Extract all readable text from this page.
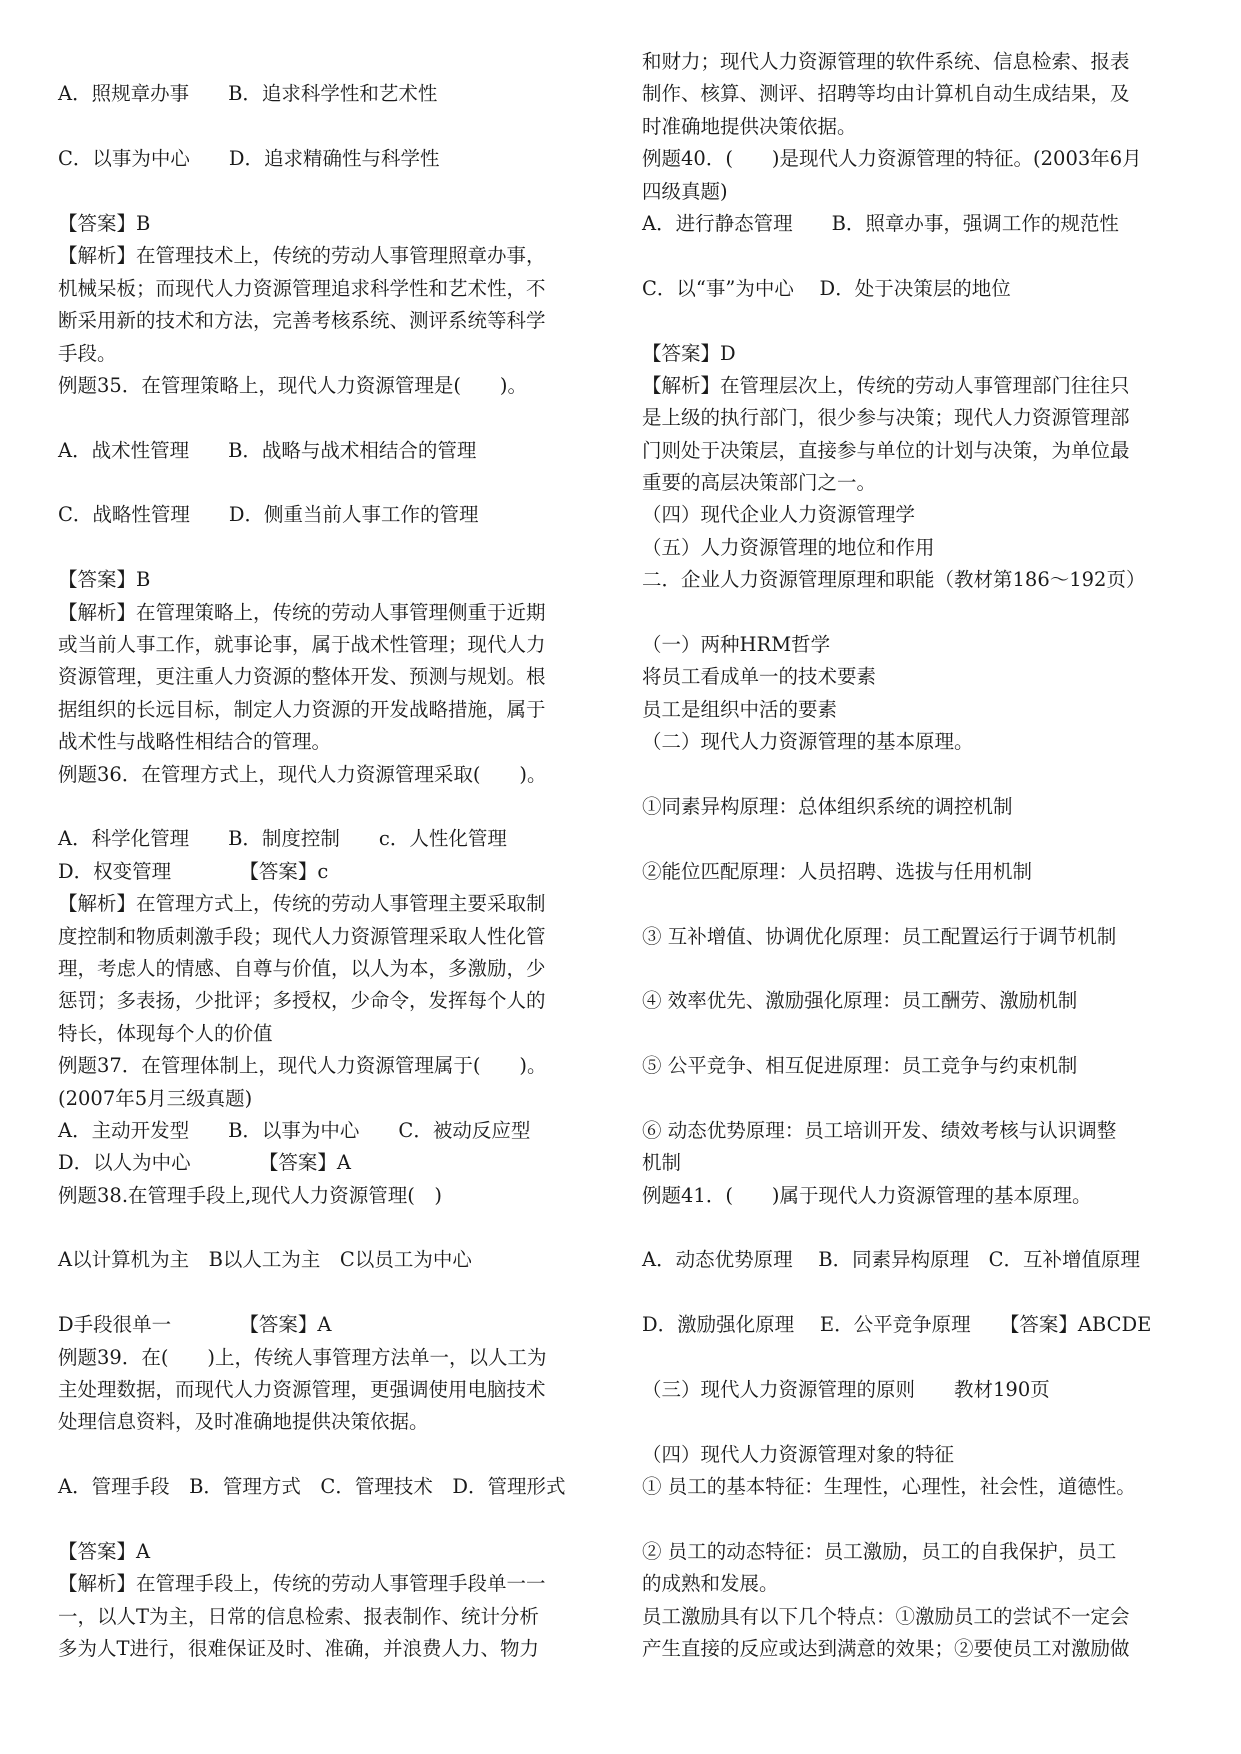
A．照规章办事　　B．追求科学性和艺术性
C．以事为中心　　D．追求精确性与科学性
【答案】B
【解析】在管理技术上，传统的劳动人事管理照章办事，
机械呆板；而现代人力资源管理追求科学性和艺术性，不
断采用新的技术和方法，完善考核系统、测评系统等科学
手段。
例题35．在管理策略上，现代人力资源管理是(　　)。
A．战术性管理　　B．战略与战术相结合的管理
C．战略性管理　　D．侧重当前人事工作的管理
【答案】B
【解析】在管理策略上，传统的劳动人事管理侧重于近期
或当前人事工作，就事论事，属于战术性管理；现代人力
资源管理，更注重人力资源的整体开发、预测与规划。根
据组织的长远目标，制定人力资源的开发战略措施，属于
战术性与战略性相结合的管理。
例题36．在管理方式上，现代人力资源管理采取(　　)。
A．科学化管理　　B．制度控制　　c．人性化管理
D．权变管理　　　　【答案】c
【解析】在管理方式上，传统的劳动人事管理主要采取制
度控制和物质刺激手段；现代人力资源管理采取人性化管
理，考虑人的情感、自尊与价值，以人为本，多激励，少
惩罚；多表扬，少批评；多授权，少命令，发挥每个人的
特长，体现每个人的价值
例题37．在管理体制上，现代人力资源管理属于(　　)。
(2007年5月三级真题)
A．主动开发型　　B．以事为中心　　C．被动反应型
D．以人为中心　　　　【答案】A
例题38.在管理手段上,现代人力资源管理(　)
A以计算机为主　B以人工为主　C以员工为中心
D手段很单一　　　　【答案】A
例题39．在(　　)上，传统人事管理方法单一，以人工为
主处理数据，而现代人力资源管理，更强调使用电脑技术
处理信息资料，及时准确地提供决策依据。
A．管理手段　B．管理方式　C．管理技术　D．管理形式
【答案】A
【解析】在管理手段上，传统的劳动人事管理手段单一一
一，以人T为主，日常的信息检索、报表制作、统计分析
多为人T进行，很难保证及时、准确，并浪费人力、物力
和财力；现代人力资源管理的软件系统、信息检索、报表
制作、核算、测评、招聘等均由计算机自动生成结果，及
时准确地提供决策依据。
例题40．(　　)是现代人力资源管理的特征。(2003年6月
四级真题)
A．进行静态管理　　B．照章办事，强调工作的规范性
C．以“事”为中心　 D．处于决策层的地位
【答案】D
【解析】在管理层次上，传统的劳动人事管理部门往往只
是上级的执行部门，很少参与决策；现代人力资源管理部
门则处于决策层，直接参与单位的计划与决策，为单位最
重要的高层决策部门之一。
（四）现代企业人力资源管理学
（五）人力资源管理的地位和作用
二．企业人力资源管理原理和职能（教材第186～192页）
（一）两种HRM哲学
将员工看成单一的技术要素
员工是组织中活的要素
（二）现代人力资源管理的基本原理。
①同素异构原理：总体组织系统的调控机制
②能位匹配原理：人员招聘、选拔与任用机制
③ 互补增值、协调优化原理：员工配置运行于调节机制
④ 效率优先、激励强化原理：员工酬劳、激励机制
⑤ 公平竞争、相互促进原理：员工竞争与约束机制
⑥ 动态优势原理：员工培训开发、绩效考核与认识调整
机制
例题41．(　　)属于现代人力资源管理的基本原理。
A．动态优势原理　 B．同素异构原理　C．互补增值原理
D．激励强化原理　 E．公平竞争原理　　【答案】ABCDE
（三）现代人力资源管理的原则　　教材190页
（四）现代人力资源管理对象的特征
① 员工的基本特征：生理性，心理性，社会性，道德性。
② 员工的动态特征：员工激励，员工的自我保护，员工
的成熟和发展。
员工激励具有以下几个特点：①激励员工的尝试不一定会
产生直接的反应或达到满意的效果；②要使员工对激励做
